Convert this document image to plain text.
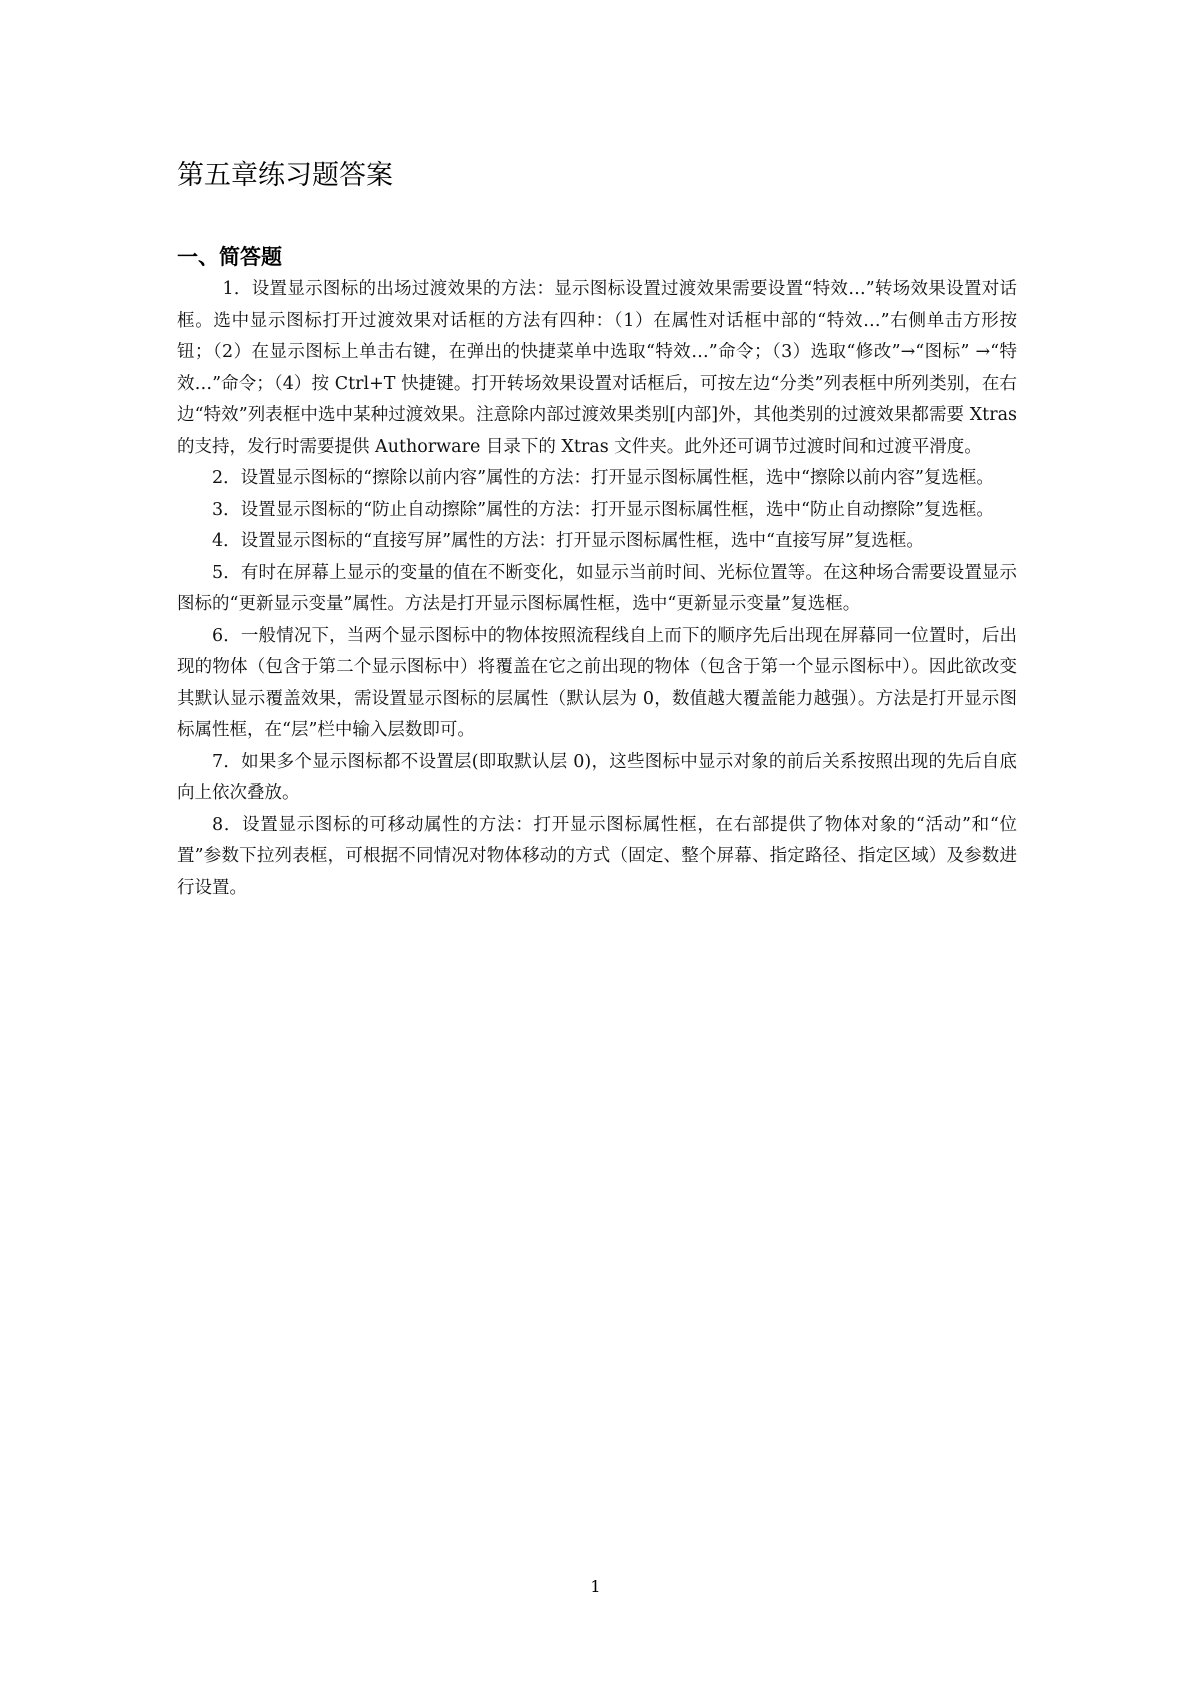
第五章练习题答案
一、简答题

1．设置显示图标的出场过渡效果的方法：显示图标设置过渡效果需要设置“特效…”转场效果设置对话框。选中显示图标打开过渡效果对话框的方法有四种：（1）在属性对话框中部的“特效…”右侧单击方形按钮；（2）在显示图标上单击右键，在弹出的快捷菜单中选取“特效…”命令；（3）选取“修改”→“图标” →“特效…”命令；（4）按 Ctrl+T 快捷键。打开转场效果设置对话框后，可按左边“分类”列表框中所列类别，在右边“特效”列表框中选中某种过渡效果。注意除内部过渡效果类别[内部]外，其他类别的过渡效果都需要 Xtras 的支持，发行时需要提供 Authorware 目录下的 Xtras 文件夹。此外还可调节过渡时间和过渡平滑度。

2．设置显示图标的“擦除以前内容”属性的方法：打开显示图标属性框，选中“擦除以前内容”复选框。

3．设置显示图标的“防止自动擦除”属性的方法：打开显示图标属性框，选中“防止自动擦除”复选框。

4．设置显示图标的“直接写屏”属性的方法：打开显示图标属性框，选中“直接写屏”复选框。

5．有时在屏幕上显示的变量的值在不断变化，如显示当前时间、光标位置等。在这种场合需要设置显示图标的“更新显示变量”属性。方法是打开显示图标属性框，选中“更新显示变量”复选框。

6．一般情况下，当两个显示图标中的物体按照流程线自上而下的顺序先后出现在屏幕同一位置时，后出现的物体（包含于第二个显示图标中）将覆盖在它之前出现的物体（包含于第一个显示图标中）。因此欲改变其默认显示覆盖效果，需设置显示图标的层属性（默认层为 0，数值越大覆盖能力越强）。方法是打开显示图标属性框，在“层”栏中输入层数即可。

7．如果多个显示图标都不设置层(即取默认层 0)，这些图标中显示对象的前后关系按照出现的先后自底向上依次叠放。

8．设置显示图标的可移动属性的方法：打开显示图标属性框，在右部提供了物体对象的“活动”和“位置”参数下拉列表框，可根据不同情况对物体移动的方式（固定、整个屏幕、指定路径、指定区域）及参数进行设置。

1
